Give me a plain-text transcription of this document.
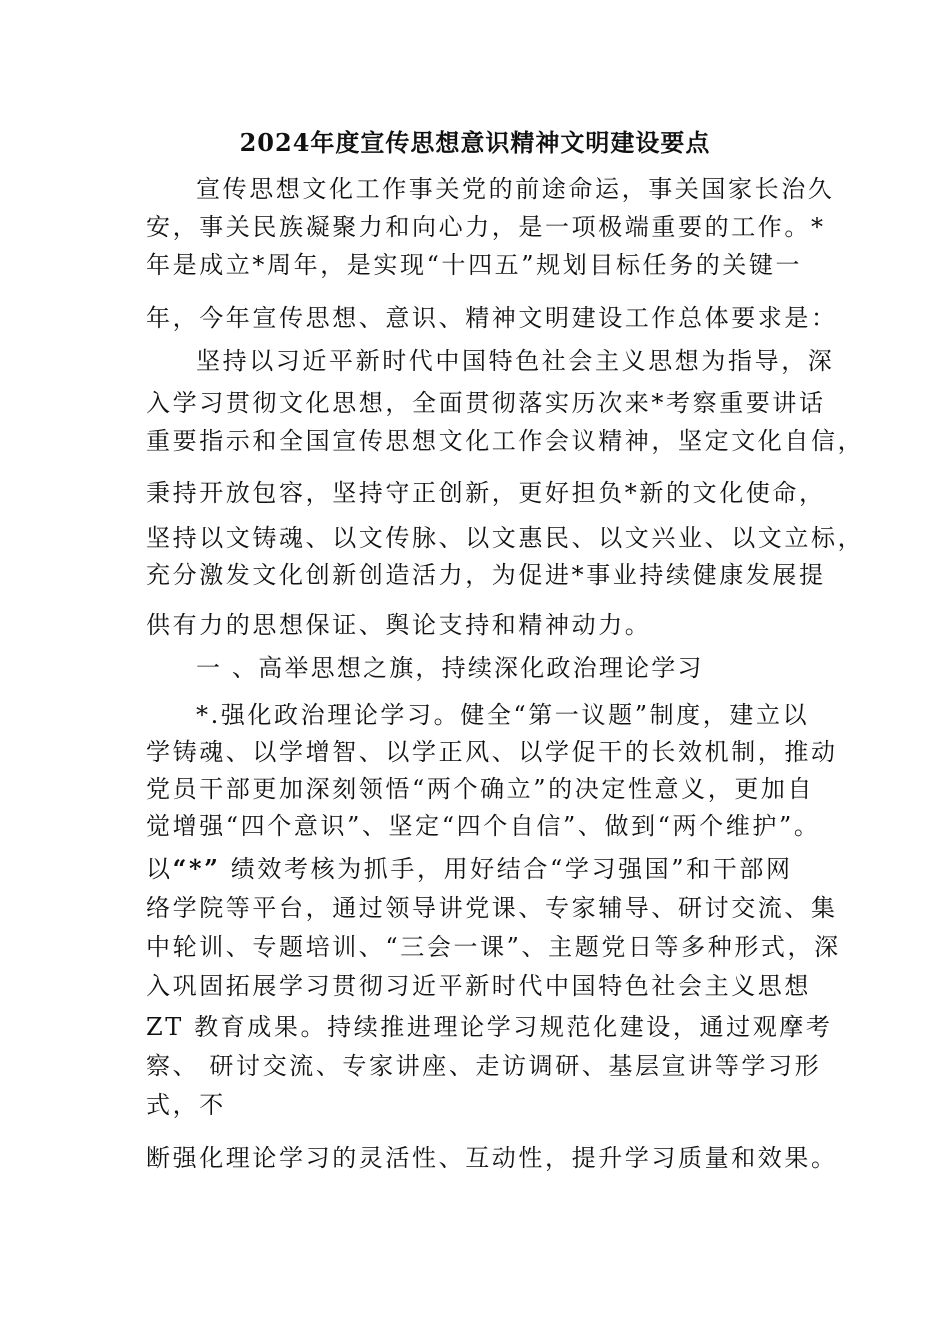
2024年度宣传思想意识精神文明建设要点
宣传思想文化工作事关党的前途命运，事关国家长治久
安，事关民族凝聚力和向心力，是一项极端重要的工作。*
年是成立*周年，是实现“十四五”规划目标任务的关键一
年，今年宣传思想、意识、精神文明建设工作总体要求是：
坚持以习近平新时代中国特色社会主义思想为指导，深
入学习贯彻文化思想，全面贯彻落实历次来*考察重要讲话
重要指示和全国宣传思想文化工作会议精神，坚定文化自信，
秉持开放包容，坚持守正创新，更好担负*新的文化使命，
坚持以文铸魂、以文传脉、以文惠民、以文兴业、以文立标，
充分激发文化创新创造活力，为促进*事业持续健康发展提
供有力的思想保证、舆论支持和精神动力。
一 、高举思想之旗，持续深化政治理论学习
*.强化政治理论学习。健全“第一议题”制度，建立以
学铸魂、以学增智、以学正风、以学促干的长效机制，推动
党员干部更加深刻领悟“两个确立”的决定性意义，更加自
觉增强“四个意识”、坚定“四个自信”、做到“两个维护”。
以“*” 绩效考核为抓手，用好结合“学习强国”和干部网
络学院等平台，通过领导讲党课、专家辅导、研讨交流、集
中轮训、专题培训、“三会一课”、主题党日等多种形式，深
入巩固拓展学习贯彻习近平新时代中国特色社会主义思想
ZT 教育成果。持续推进理论学习规范化建设，通过观摩考
察、 研讨交流、专家讲座、走访调研、基层宣讲等学习形
式，不
断强化理论学习的灵活性、互动性，提升学习质量和效果。
